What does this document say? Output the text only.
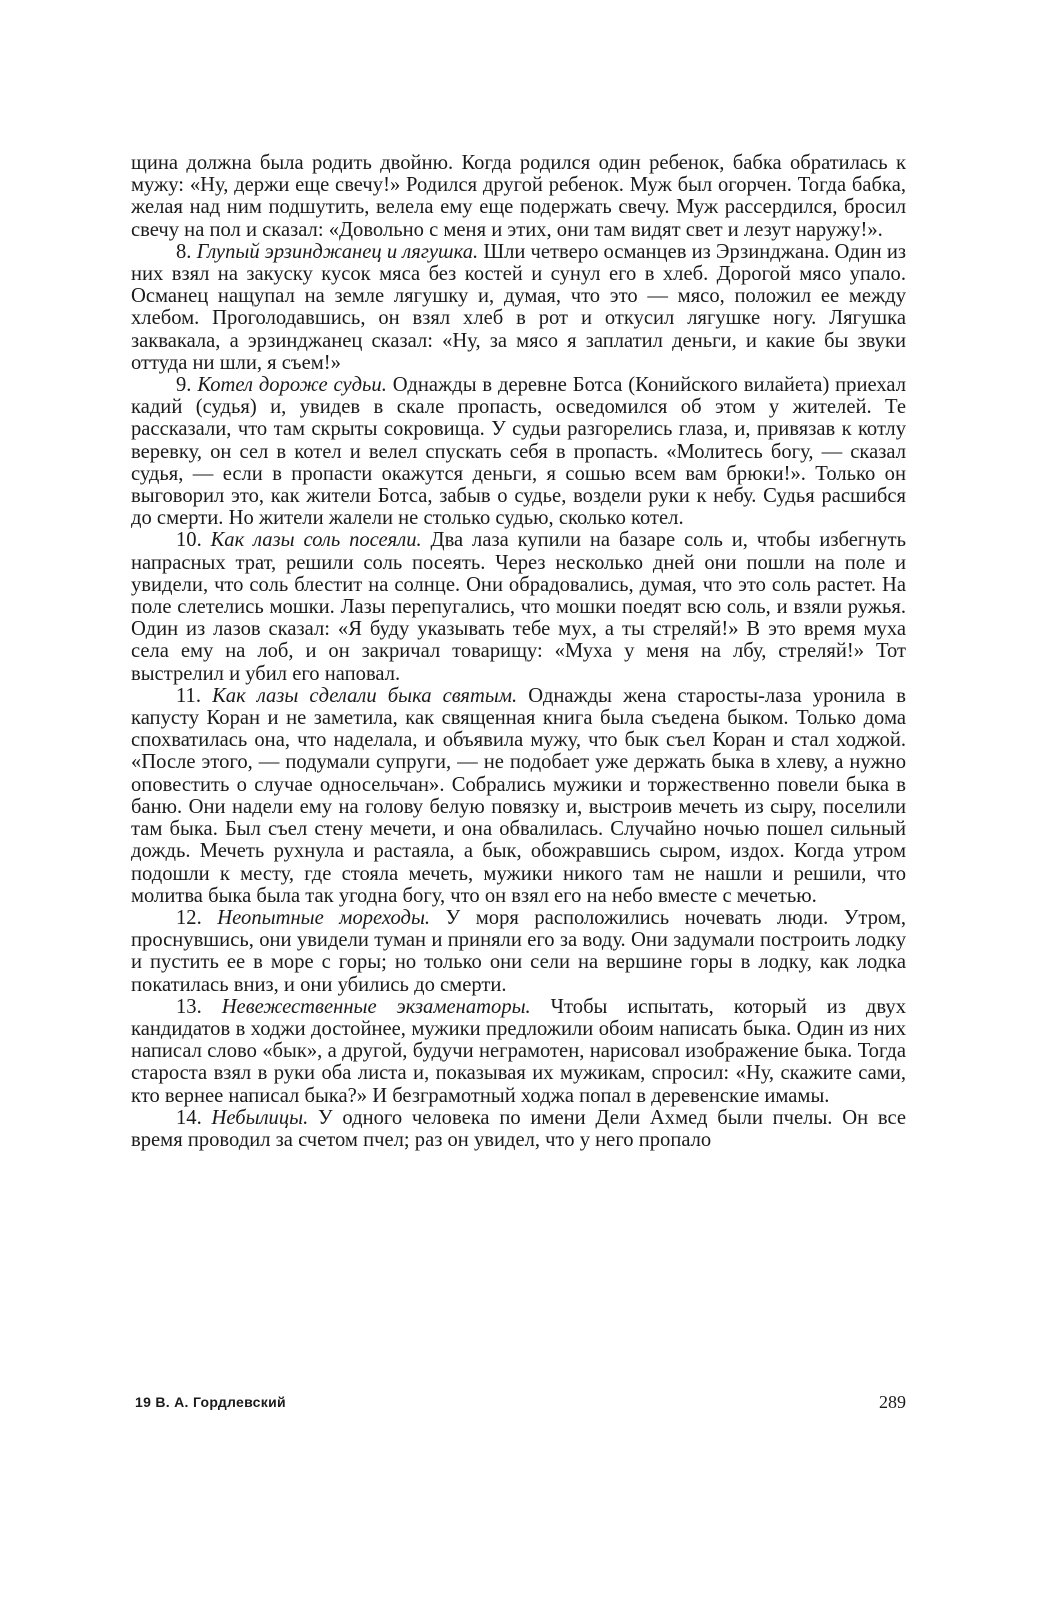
щина должна была родить двойню. Когда родился один ребенок, бабка обратилась к мужу: «Ну, держи еще свечу!» Родился другой ребенок. Муж был огорчен. Тогда бабка, желая над ним подшутить, велела ему еще подержать свечу. Муж рассердился, бросил свечу на пол и сказал: «Довольно с меня и этих, они там видят свет и лезут наружу!».

8. Глупый эрзинджанец и лягушка. Шли четверо османцев из Эрзинджана. Один из них взял на закуску кусок мяса без костей и сунул его в хлеб. Дорогой мясо упало. Османец нащупал на земле лягушку и, думая, что это — мясо, положил ее между хлебом. Проголодавшись, он взял хлеб в рот и откусил лягушке ногу. Лягушка заквакала, а эрзинджанец сказал: «Ну, за мясо я заплатил деньги, и какие бы звуки оттуда ни шли, я съем!»

9. Котел дороже судьи. Однажды в деревне Ботса (Конийского вилайета) приехал кадий (судья) и, увидев в скале пропасть, осведомился об этом у жителей. Те рассказали, что там скрыты сокровища. У судьи разгорелись глаза, и, привязав к котлу веревку, он сел в котел и велел спускать себя в пропасть. «Молитесь богу, — сказал судья, — если в пропасти окажутся деньги, я сошью всем вам брюки!». Только он выговорил это, как жители Ботса, забыв о судье, воздели руки к небу. Судья расшибся до смерти. Но жители жалели не столько судью, сколько котел.

10. Как лазы соль посеяли. Два лаза купили на базаре соль и, чтобы избегнуть напрасных трат, решили соль посеять. Через несколько дней они пошли на поле и увидели, что соль блестит на солнце. Они обрадовались, думая, что это соль растет. На поле слетелись мошки. Лазы перепугались, что мошки поедят всю соль, и взяли ружья. Один из лазов сказал: «Я буду указывать тебе мух, а ты стреляй!» В это время муха села ему на лоб, и он закричал товарищу: «Муха у меня на лбу, стреляй!» Тот выстрелил и убил его наповал.

11. Как лазы сделали быка святым. Однажды жена старосты-лаза уронила в капусту Коран и не заметила, как священная книга была съедена быком. Только дома спохватилась она, что наделала, и объявила мужу, что бык съел Коран и стал ходжой. «После этого, — подумали супруги, — не подобает уже держать быка в хлеву, а нужно оповестить о случае односельчан». Собрались мужики и торжественно повели быка в баню. Они надели ему на голову белую повязку и, выстроив мечеть из сыру, поселили там быка. Был съел стену мечети, и она обвалилась. Случайно ночью пошел сильный дождь. Мечеть рухнула и растаяла, а бык, обожравшись сыром, издох. Когда утром подошли к месту, где стояла мечеть, мужики никого там не нашли и решили, что молитва быка была так угодна богу, что он взял его на небо вместе с мечетью.

12. Неопытные мореходы. У моря расположились ночевать люди. Утром, проснувшись, они увидели туман и приняли его за воду. Они задумали построить лодку и пустить ее в море с горы; но только они сели на вершине горы в лодку, как лодка покатилась вниз, и они убились до смерти.

13. Невежественные экзаменаторы. Чтобы испытать, который из двух кандидатов в ходжи достойнее, мужики предложили обоим написать быка. Один из них написал слово «бык», а другой, будучи неграмотен, нарисовал изображение быка. Тогда староста взял в руки оба листа и, показывая их мужикам, спросил: «Ну, скажите сами, кто вернее написал быка?» И безграмотный ходжа попал в деревенские имамы.

14. Небылицы. У одного человека по имени Дели Ахмед были пчелы. Он все время проводил за счетом пчел; раз он увидел, что у него пропало

19 В. А. Гордлевский	289
